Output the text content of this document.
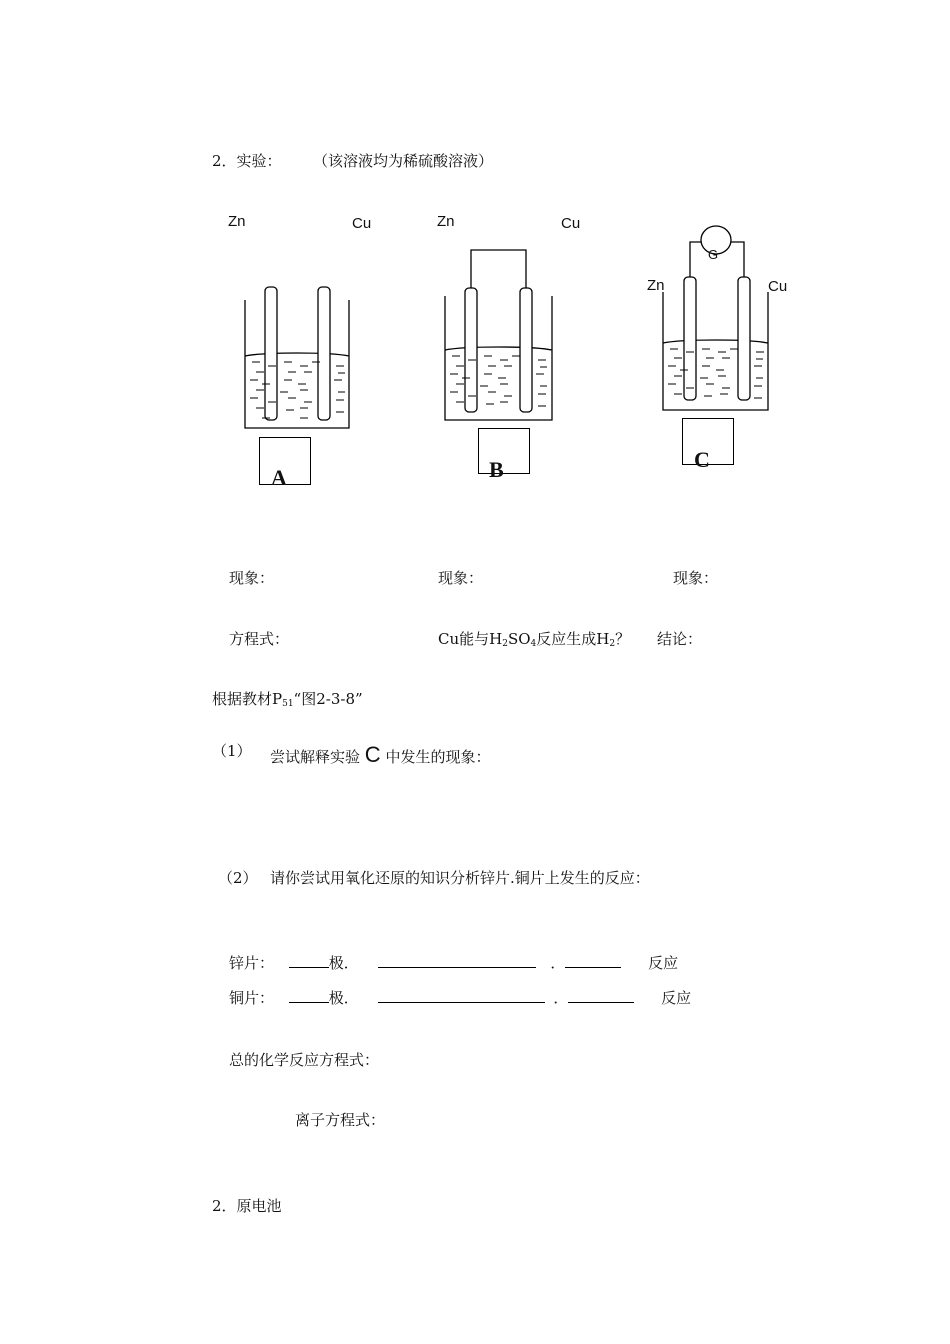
2．实验： （该溶液均为稀硫酸溶液）
Zn	Cu	Zn	Cu
Zn	Cu
G
A	B	C
现象：	现象：	现象：
方程式：	Cu能与$H_2SO_4$反应生成$H_2$？ 结论：
根据教材$P_{51}“$图2-3-8”
（1） 尝试解释实验 C 中发生的现象：
（2） 请你尝试用氧化还原的知识分析锌片.铜片上发生的反应：
锌片：	极．	．	反应
铜片：	极．	．	反应
总的化学反应方程式：
离子方程式：
2．原电池
